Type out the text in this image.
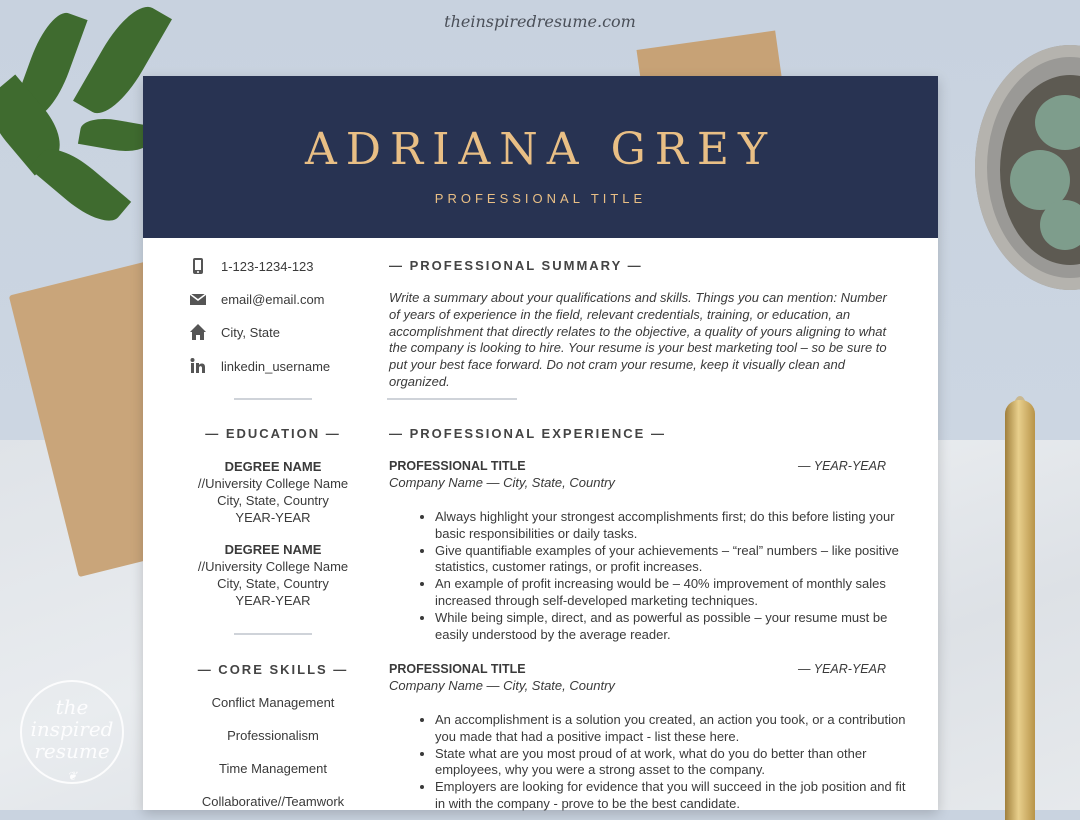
theinspiredresume.com
the
inspired
resume
❦
ADRIANA GREY
PROFESSIONAL TITLE
1-123-1234-123
email@email.com
City, State
linkedin_username
— PROFESSIONAL SUMMARY —
Write a summary about your qualifications and skills. Things you can mention: Number of years of experience in the field, relevant credentials, training, or education, an accomplishment that directly relates to the objective, a quality of yours aligning to what the company is looking to hire. Your resume is your best marketing tool – so be sure to put your best face forward. Do not cram your resume, keep it visually clean and organized.
— EDUCATION —
DEGREE NAME
//University College Name
City, State, Country
YEAR-YEAR
DEGREE NAME
//University College Name
City, State, Country
YEAR-YEAR
— CORE SKILLS —
Conflict Management
Professionalism
Time Management
Collaborative//Teamwork
— PROFESSIONAL EXPERIENCE —
PROFESSIONAL TITLE	— YEAR-YEAR
Company Name — City, State, Country
• Always highlight your strongest accomplishments first; do this before listing your basic responsibilities or daily tasks.
• Give quantifiable examples of your achievements – “real” numbers – like positive statistics, customer ratings, or profit increases.
• An example of profit increasing would be – 40% improvement of monthly sales increased through self-developed marketing techniques.
• While being simple, direct, and as powerful as possible – your resume must be easily understood by the average reader.
PROFESSIONAL TITLE	— YEAR-YEAR
Company Name — City, State, Country
• An accomplishment is a solution you created, an action you took, or a contribution you made that had a positive impact - list these here.
• State what are you most proud of at work, what do you do better than other employees, why you were a strong asset to the company.
• Employers are looking for evidence that you will succeed in the job position and fit in with the company - prove to be the best candidate.
